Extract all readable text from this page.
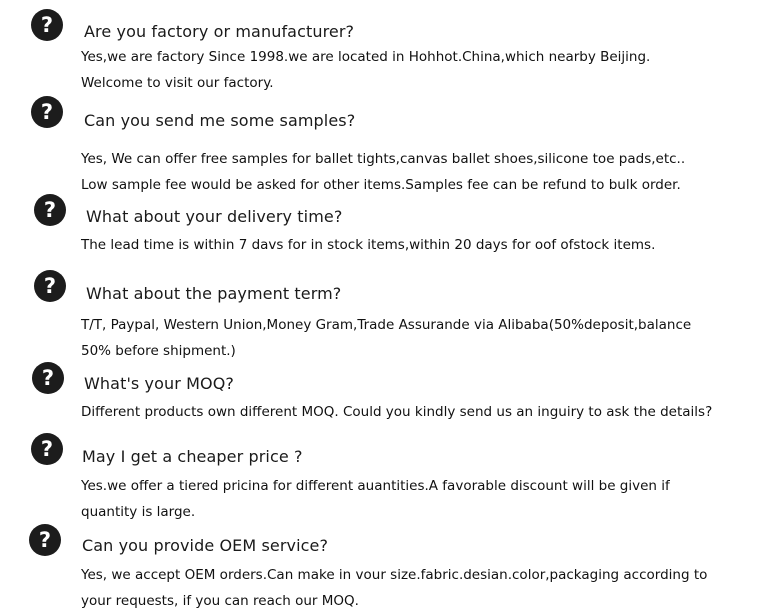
?	Are you factory or manufacturer?
Yes,we are factory Since 1998.we are located in Hohhot.China,which nearby Beijing.
Welcome to visit our factory.
?	Can you send me some samples?
Yes, We can offer free samples for ballet tights,canvas ballet shoes,silicone toe pads,etc..
Low sample fee would be asked for other items.Samples fee can be refund to bulk order.
?	What about your delivery time?
The lead time is within 7 davs for in stock items,within 20 days for oof ofstock items.
?	What about the payment term?
T/T, Paypal, Western Union,Money Gram,Trade Assurande via Alibaba(50%deposit,balance
50% before shipment.)
?	What's your MOQ?
Different products own different MOQ. Could you kindly send us an inguiry to ask the details?
?	May I get a cheaper price ?
Yes.we offer a tiered pricina for different auantities.A favorable discount will be given if
quantity is large.
?	Can you provide OEM service?
Yes, we accept OEM orders.Can make in vour size.fabric.desian.color,packaging according to
your requests, if you can reach our MOQ.
